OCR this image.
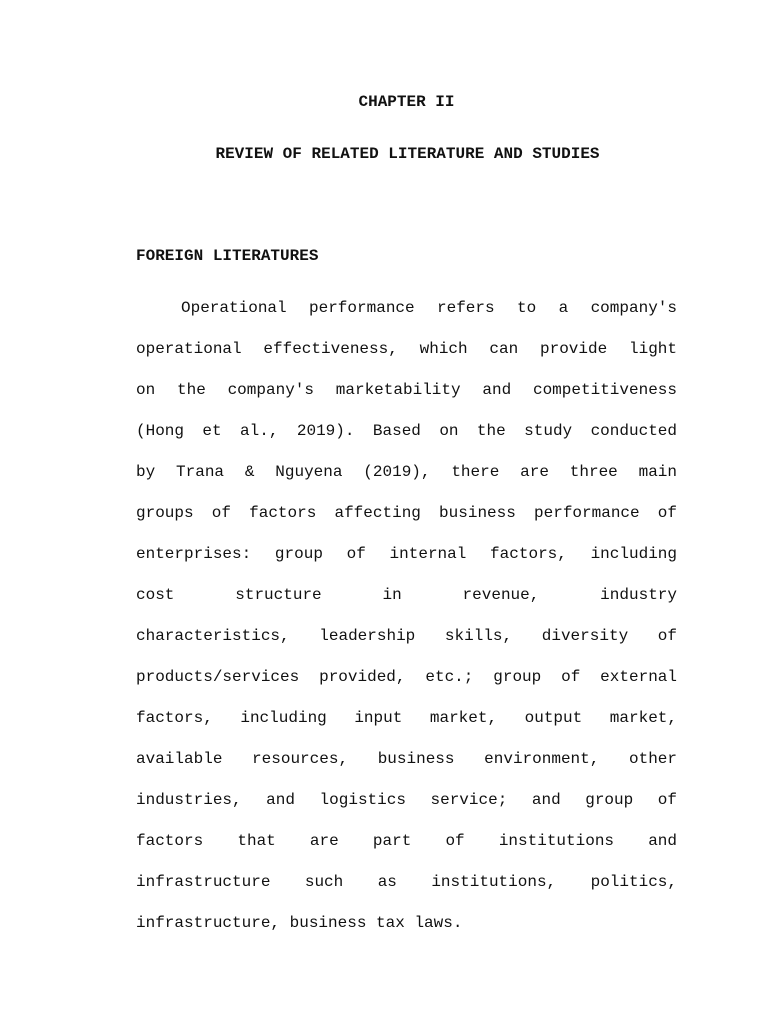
CHAPTER II
REVIEW OF RELATED LITERATURE AND STUDIES
FOREIGN LITERATURES
Operational performance refers to a company's
operational effectiveness, which can provide light
on the company's marketability and competitiveness
(Hong et al., 2019). Based on the study conducted
by Trana & Nguyena (2019), there are three main
groups of factors affecting business performance of
enterprises: group of internal factors, including
cost structure in revenue, industry
characteristics, leadership skills, diversity of
products/services provided, etc.; group of external
factors, including input market, output market,
available resources, business environment, other
industries, and logistics service; and group of
factors that are part of institutions and
infrastructure such as institutions, politics,
infrastructure, business tax laws.
